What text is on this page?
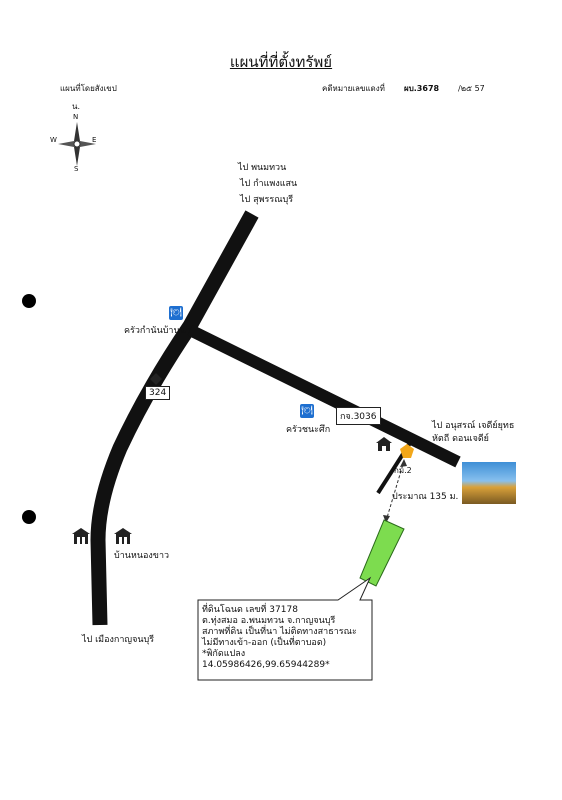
แผนที่ที่ตั้งทรัพย์
แผนที่โดยสังเขป	คดีหมายเลขแดงที่ ผบ.3678 /๒๕ 57
น.
N
S
E
W
ไป พนมทวน
ไป กำแพงแสน
ไป สุพรรณบุรี
🍽
ครัวกำนันบ้านนา
324
🍽
ครัวชนะศึก
กจ.3036
ไป อนุสรณ์ เจดีย์ยุทธ
หัตถี ดอนเจดีย์
กม.2
ประมาณ 135 ม.
บ้านหนองขาว
ไป เมืองกาญจนบุรี
ที่ดินโฉนด เลขที่ 37178
ต.ทุ่งสมอ อ.พนมทวน จ.กาญจนบุรี
สภาพที่ดิน เป็นที่นา ไม่ติดทางสาธารณะ
ไม่มีทางเข้า-ออก (เป็นที่ตาบอด)
*พิกัดแปลง
14.05986426,99.65944289*
